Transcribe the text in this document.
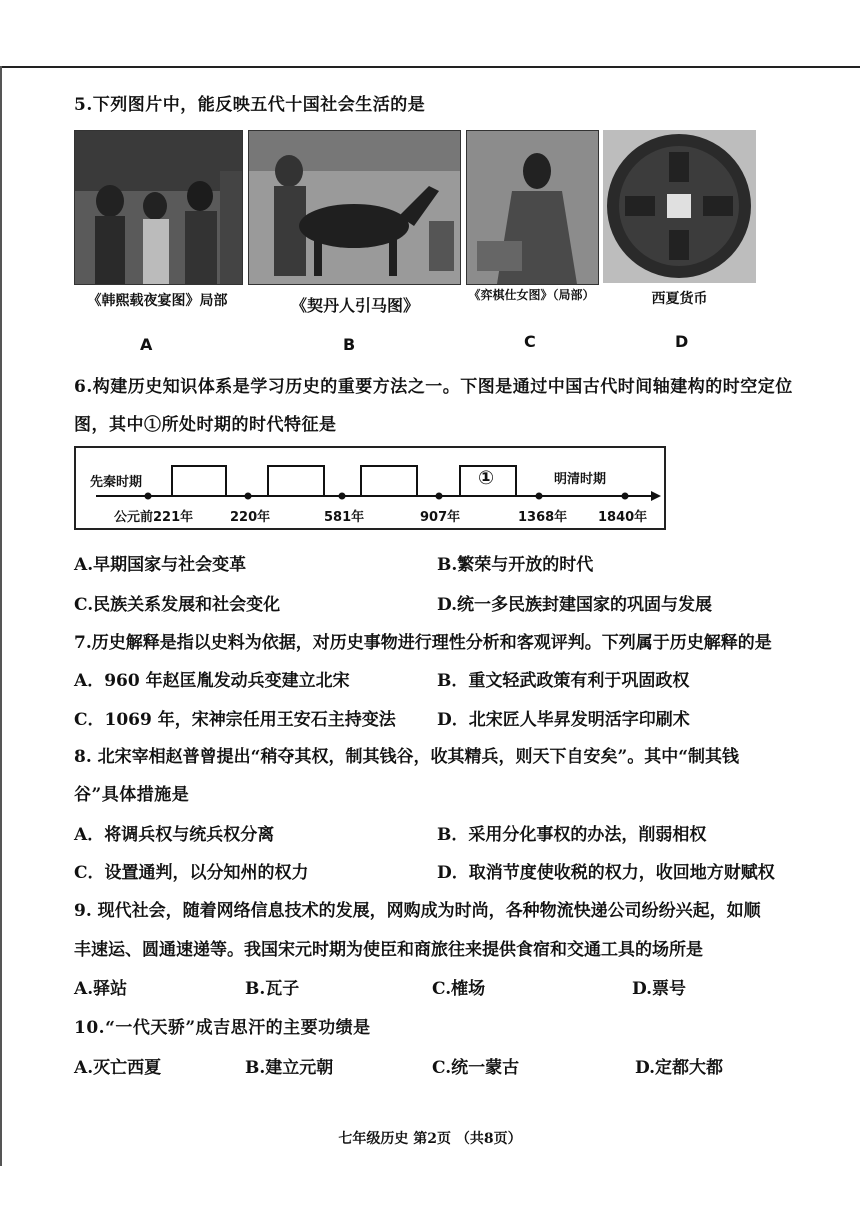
5.下列图片中，能反映五代十国社会生活的是
《韩熙载夜宴图》局部
A
《契丹人引马图》
B
《弈棋仕女图》（局部）
C
西夏货币
D
6.构建历史知识体系是学习历史的重要方法之一。下图是通过中国古代时间轴建构的时空定位
图，其中①所处时期的时代特征是
先秦时期	明清时期
①
公元前221年	220年	581年	907年	1368年 1840年
A.早期国家与社会变革	B.繁荣与开放的时代
C.民族关系发展和社会变化	D.统一多民族封建国家的巩固与发展
7.历史解释是指以史料为依据，对历史事物进行理性分析和客观评判。下列属于历史解释的是
A．960 年赵匡胤发动兵变建立北宋	B．重文轻武政策有利于巩固政权
C．1069 年，宋神宗任用王安石主持变法 D．北宋匠人毕昇发明活字印刷术
8. 北宋宰相赵普曾提出“稍夺其权，制其钱谷，收其精兵，则天下自安矣”。其中“制其钱
谷”具体措施是
A．将调兵权与统兵权分离	B．采用分化事权的办法，削弱相权
C．设置通判，以分知州的权力	D．取消节度使收税的权力，收回地方财赋权
9. 现代社会，随着网络信息技术的发展，网购成为时尚，各种物流快递公司纷纷兴起，如顺
丰速运、圆通速递等。我国宋元时期为使臣和商旅往来提供食宿和交通工具的场所是
A.驿站	B.瓦子	C.榷场	D.票号
10.“一代天骄”成吉思汗的主要功绩是
A.灭亡西夏	B.建立元朝	C.统一蒙古	D.定都大都
七年级历史 第2页 （共8页）
